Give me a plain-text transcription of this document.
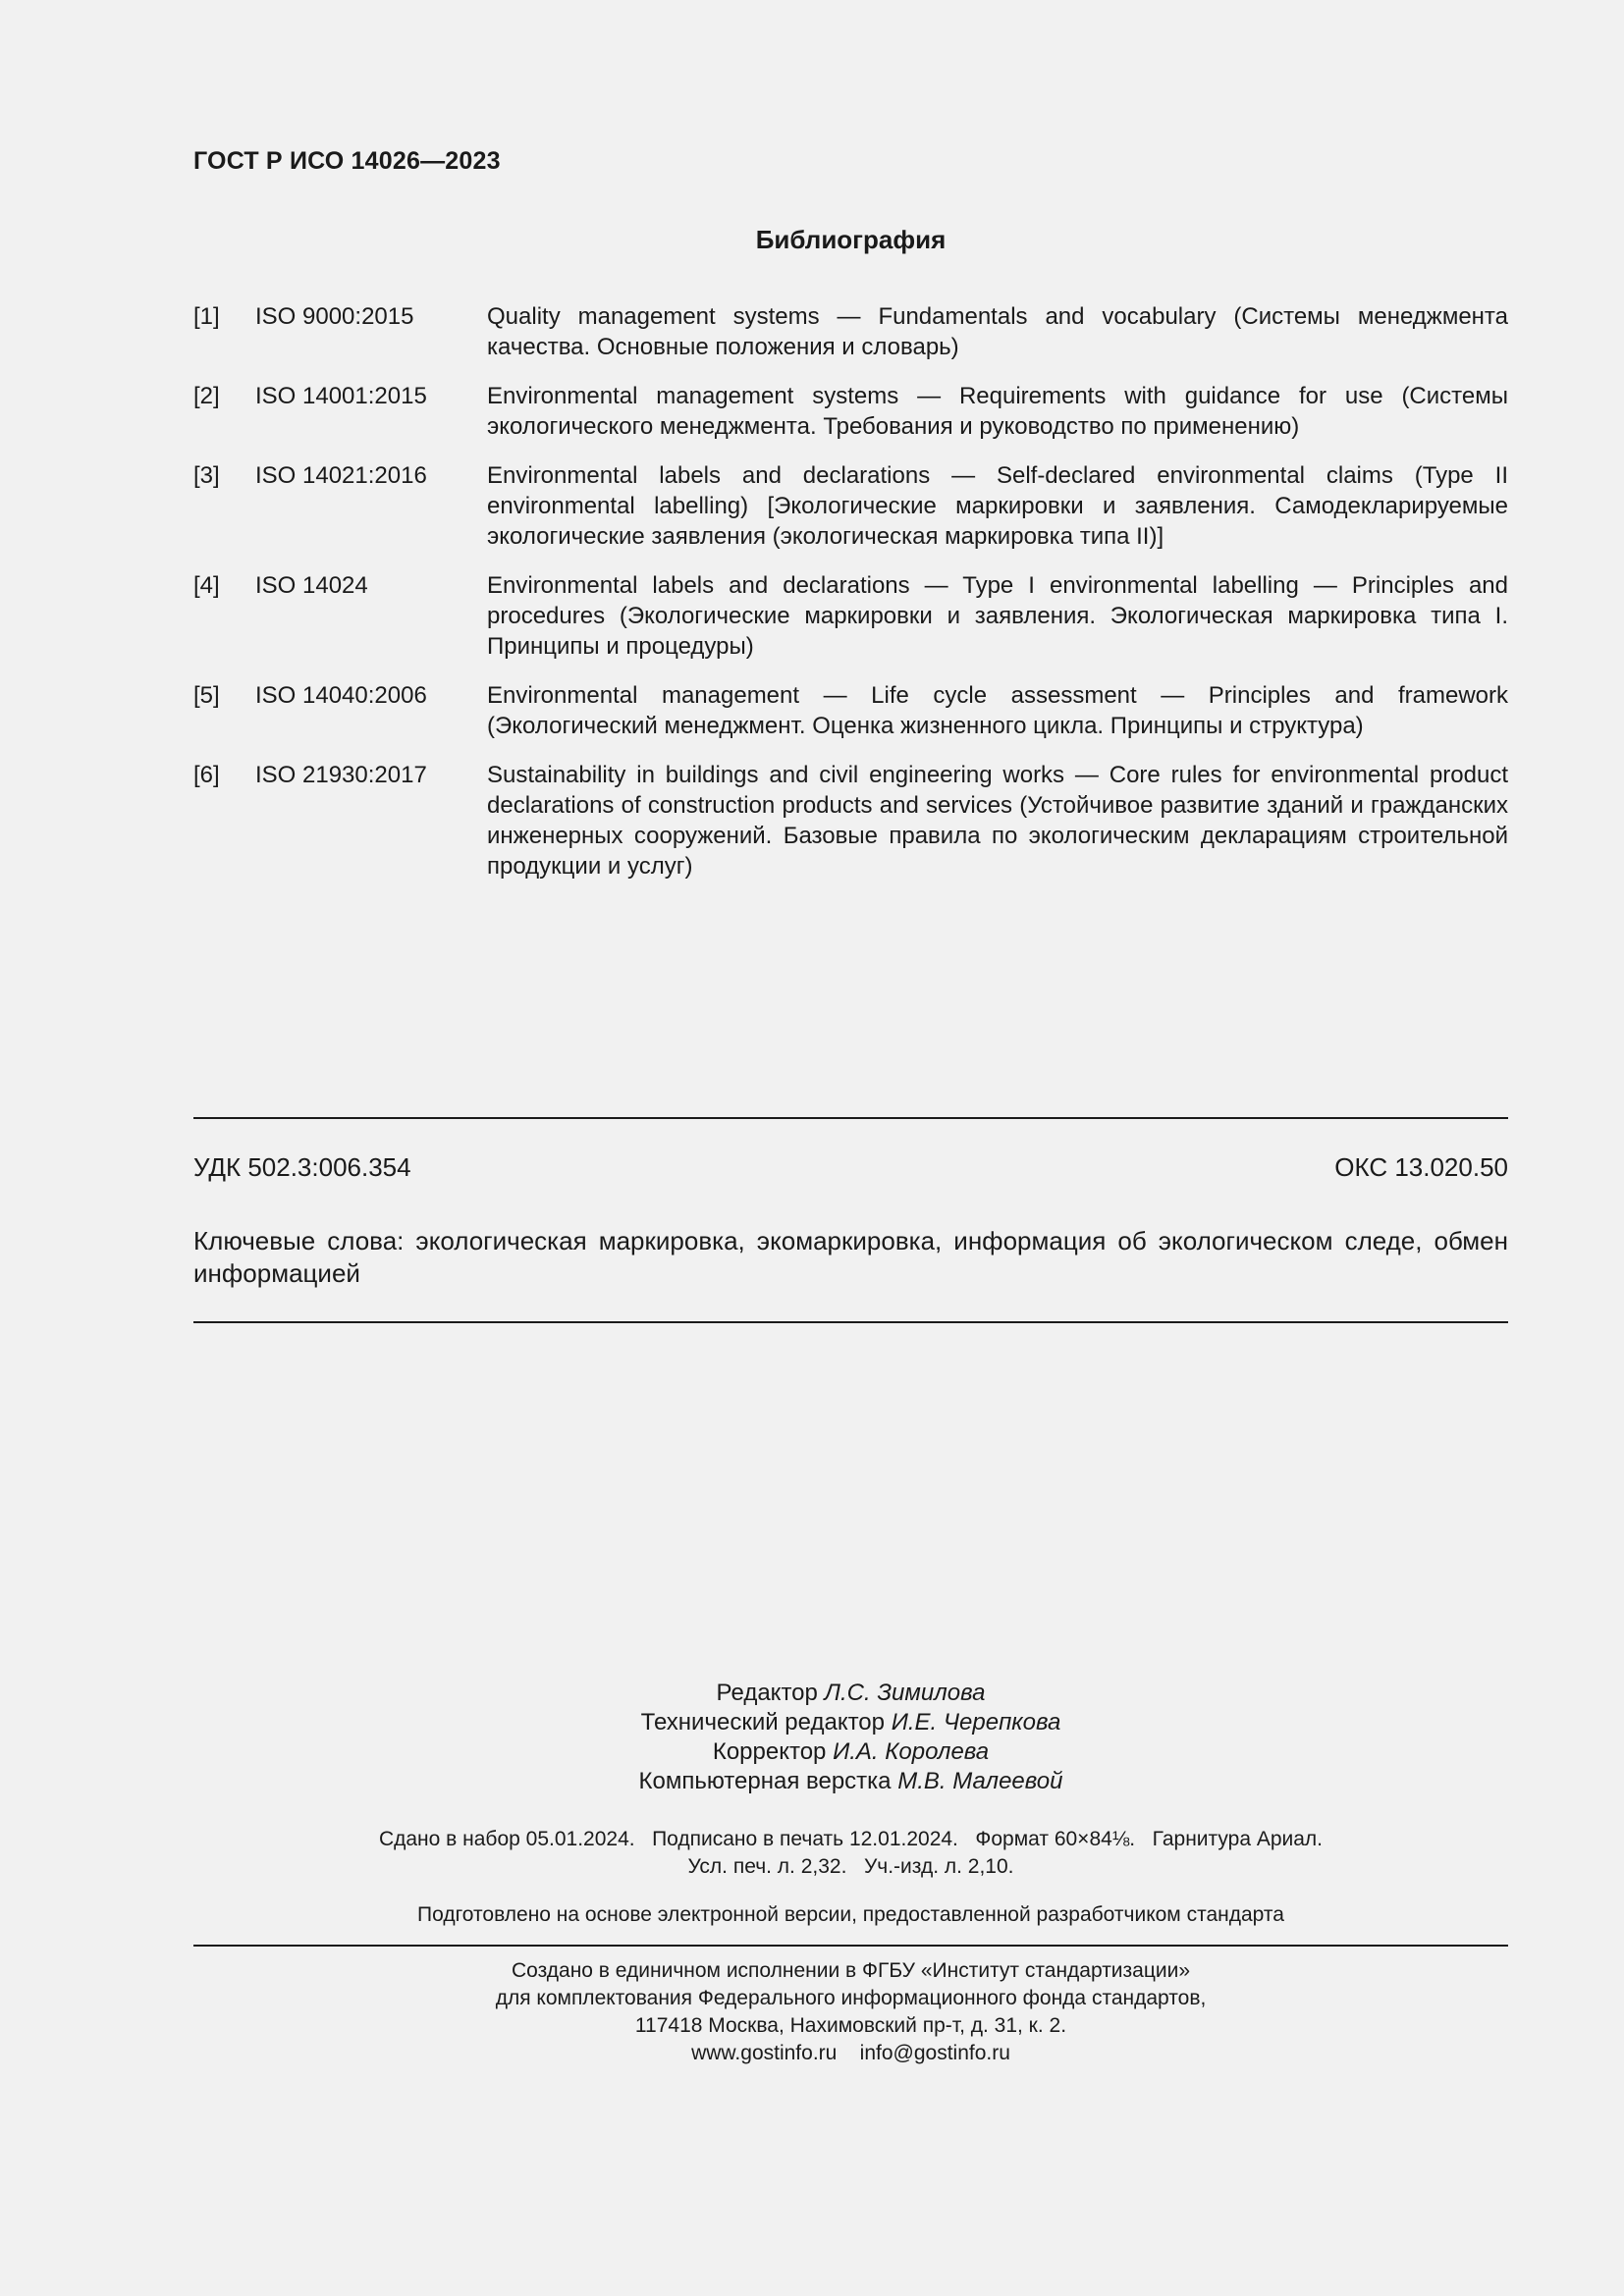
ГОСТ Р ИСО 14026—2023
Библиография
[1]	ISO 9000:2015	Quality management systems — Fundamentals and vocabulary (Системы менеджмента качества. Основные положения и словарь)
[2]	ISO 14001:2015	Environmental management systems — Requirements with guidance for use (Системы экологического менеджмента. Требования и руководство по применению)
[3]	ISO 14021:2016	Environmental labels and declarations — Self-declared environmental claims (Type II environmental labelling) [Экологические маркировки и заявления. Самодекларируемые экологические заявления (экологическая маркировка типа II)]
[4]	ISO 14024	Environmental labels and declarations — Type I environmental labelling — Principles and procedures (Экологические маркировки и заявления. Экологическая маркировка типа I. Принципы и процедуры)
[5]	ISO 14040:2006	Environmental management — Life cycle assessment — Principles and framework (Экологический менеджмент. Оценка жизненного цикла. Принципы и структура)
[6]	ISO 21930:2017	Sustainability in buildings and civil engineering works — Core rules for environmental product declarations of construction products and services (Устойчивое развитие зданий и гражданских инженерных сооружений. Базовые правила по экологическим декларациям строительной продукции и услуг)
УДК 502.3:006.354	ОКС 13.020.50
Ключевые слова: экологическая маркировка, экомаркировка, информация об экологическом следе, обмен информацией
Редактор Л.С. Зимилова
Технический редактор И.Е. Черепкова
Корректор И.А. Королева
Компьютерная верстка М.В. Малеевой
Сдано в набор 05.01.2024.   Подписано в печать 12.01.2024.   Формат 60×84⅛.   Гарнитура Ариал.
Усл. печ. л. 2,32.   Уч.-изд. л. 2,10.
Подготовлено на основе электронной версии, предоставленной разработчиком стандарта
Создано в единичном исполнении в ФГБУ «Институт стандартизации»
для комплектования Федерального информационного фонда стандартов,
117418 Москва, Нахимовский пр-т, д. 31, к. 2.
www.gostinfo.ru    info@gostinfo.ru
